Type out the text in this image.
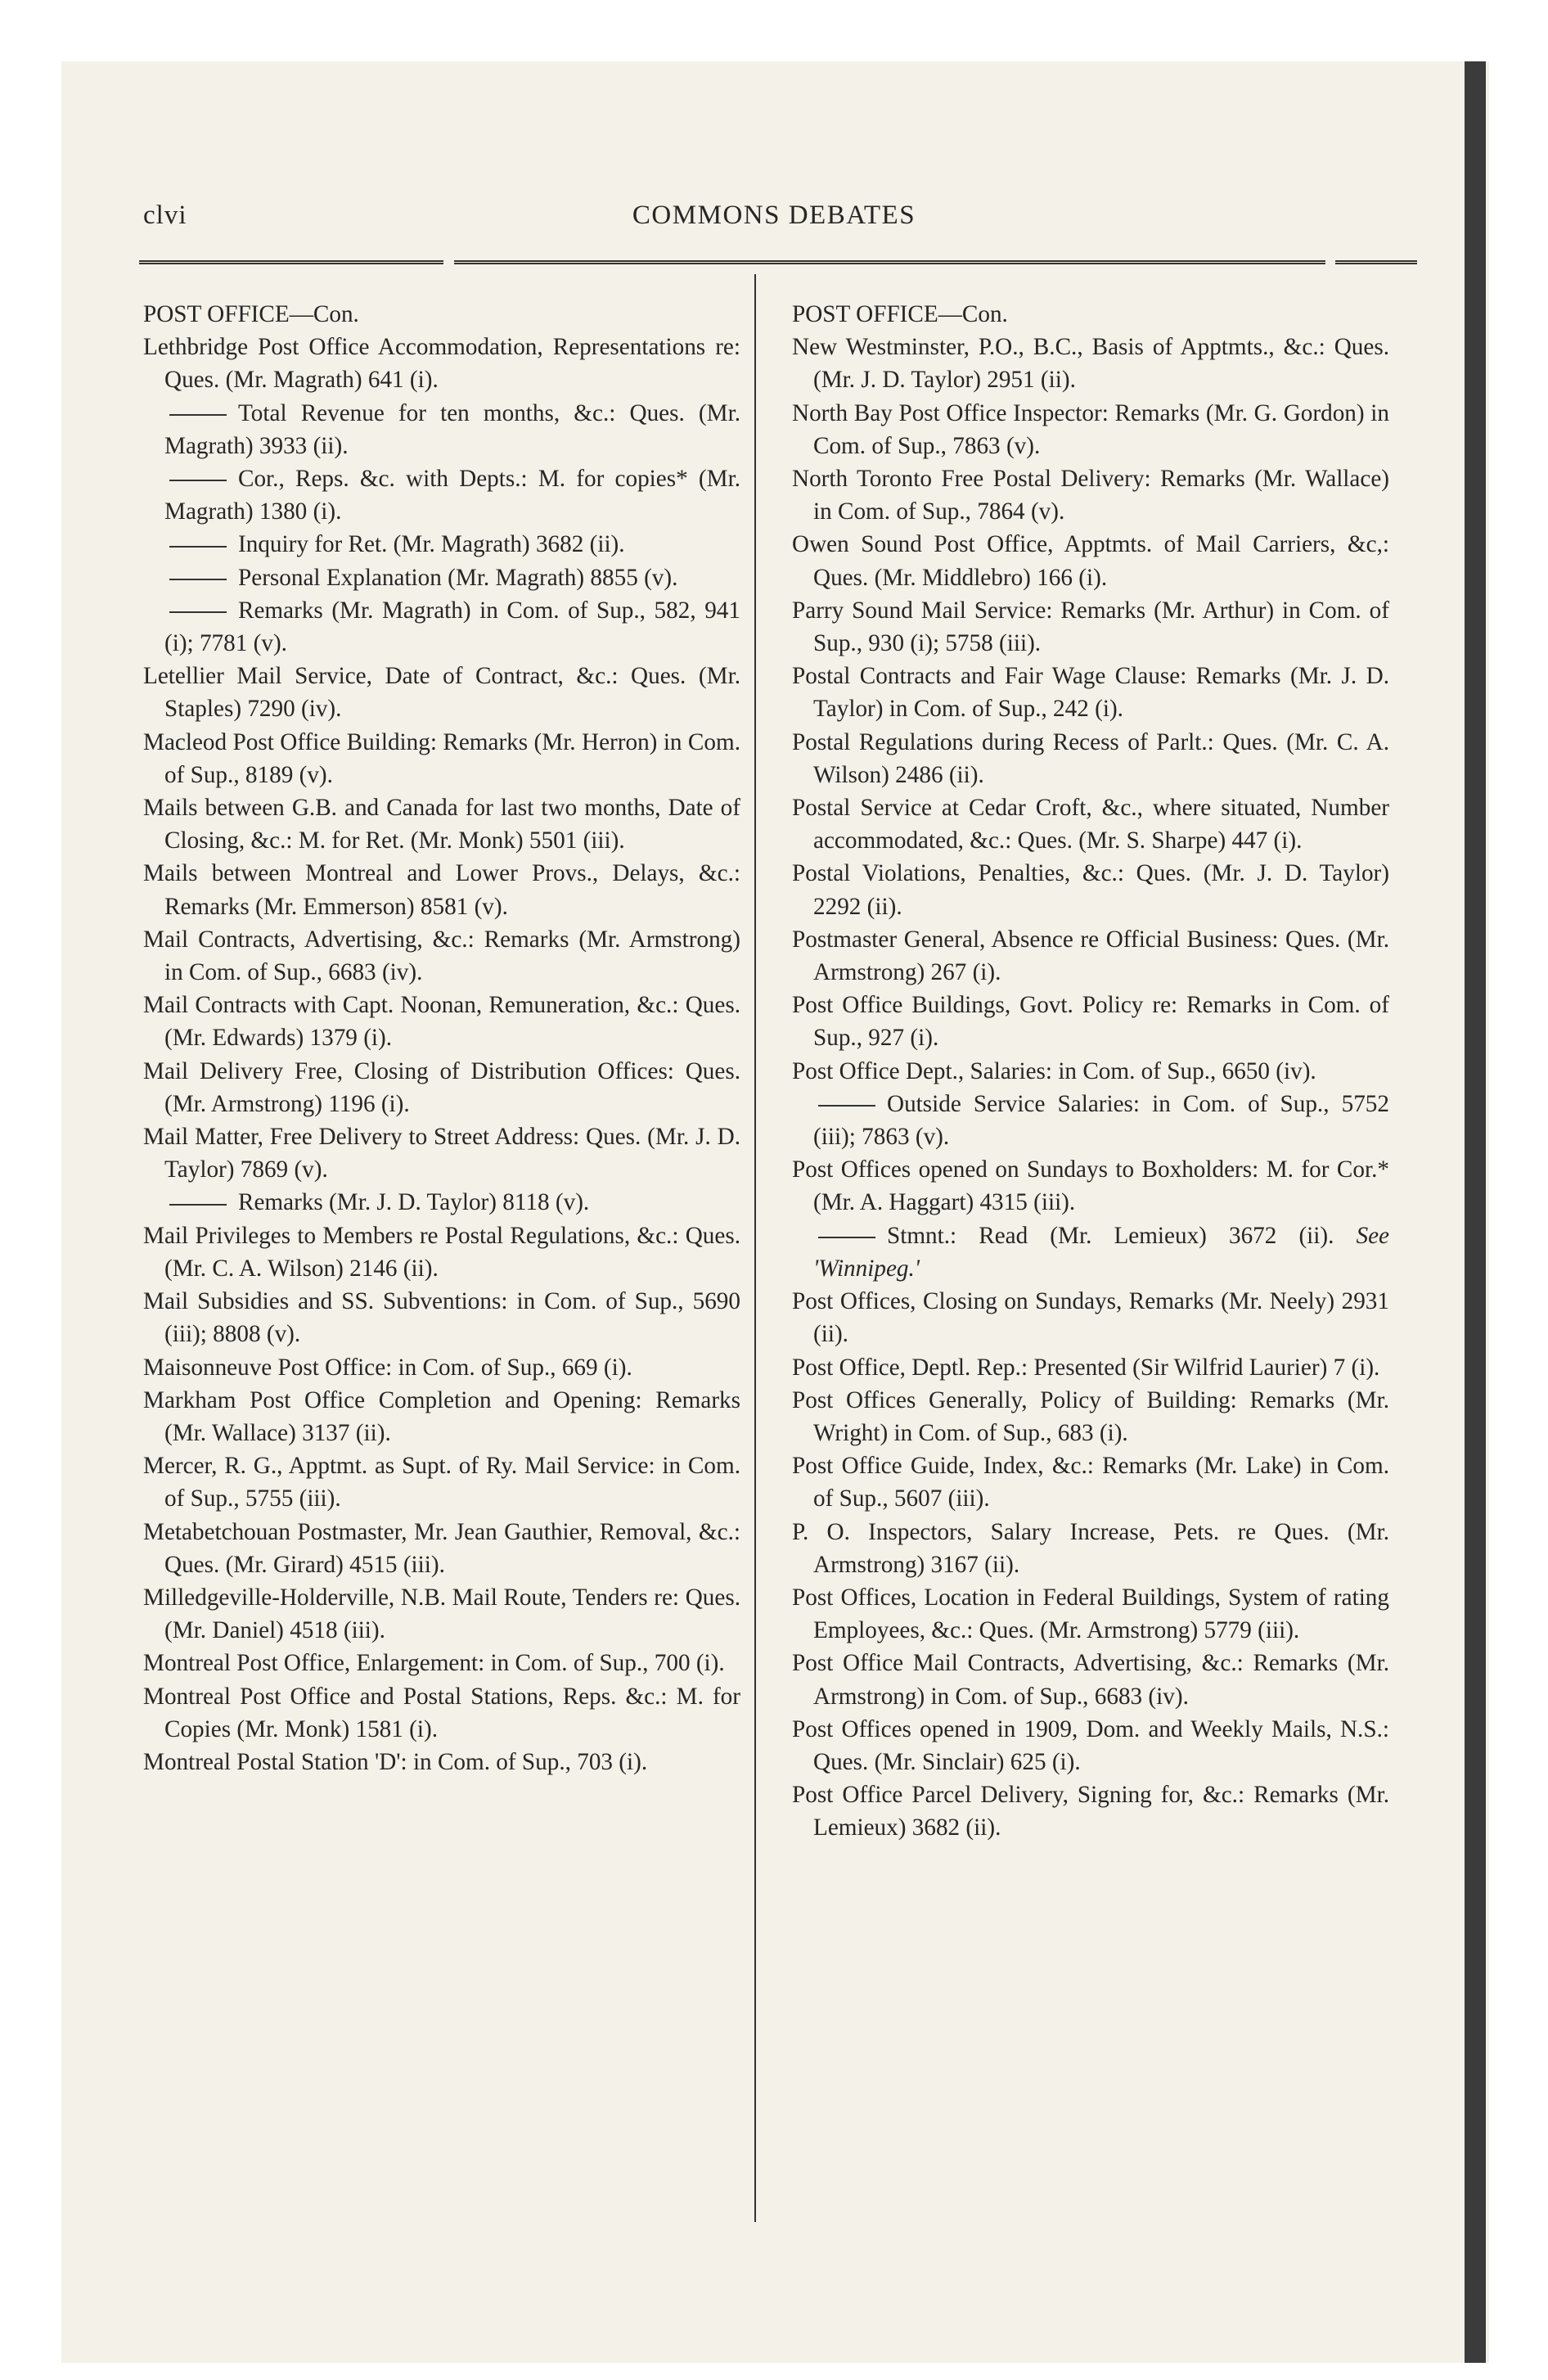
clvi	COMMONS DEBATES

POST OFFICE—Con.

Lethbridge Post Office Accommodation, Representations re: Ques. (Mr. Magrath) 641 (i).

Total Revenue for ten months, &c.: Ques. (Mr. Magrath) 3933 (ii).

Cor., Reps. &c. with Depts.: M. for copies* (Mr. Magrath) 1380 (i).

Inquiry for Ret. (Mr. Magrath) 3682 (ii).

Personal Explanation (Mr. Magrath) 8855 (v).

Remarks (Mr. Magrath) in Com. of Sup., 582, 941 (i); 7781 (v).

Letellier Mail Service, Date of Contract, &c.: Ques. (Mr. Staples) 7290 (iv).

Macleod Post Office Building: Remarks (Mr. Herron) in Com. of Sup., 8189 (v).

Mails between G.B. and Canada for last two months, Date of Closing, &c.: M. for Ret. (Mr. Monk) 5501 (iii).

Mails between Montreal and Lower Provs., Delays, &c.: Remarks (Mr. Emmerson) 8581 (v).

Mail Contracts, Advertising, &c.: Remarks (Mr. Armstrong) in Com. of Sup., 6683 (iv).

Mail Contracts with Capt. Noonan, Remuneration, &c.: Ques. (Mr. Edwards) 1379 (i).

Mail Delivery Free, Closing of Distribution Offices: Ques. (Mr. Armstrong) 1196 (i).

Mail Matter, Free Delivery to Street Address: Ques. (Mr. J. D. Taylor) 7869 (v).

Remarks (Mr. J. D. Taylor) 8118 (v).

Mail Privileges to Members re Postal Regulations, &c.: Ques. (Mr. C. A. Wilson) 2146 (ii).

Mail Subsidies and SS. Subventions: in Com. of Sup., 5690 (iii); 8808 (v).

Maisonneuve Post Office: in Com. of Sup., 669 (i).

Markham Post Office Completion and Opening: Remarks (Mr. Wallace) 3137 (ii).

Mercer, R. G., Apptmt. as Supt. of Ry. Mail Service: in Com. of Sup., 5755 (iii).

Metabetchouan Postmaster, Mr. Jean Gauthier, Removal, &c.: Ques. (Mr. Girard) 4515 (iii).

Milledgeville-Holderville, N.B. Mail Route, Tenders re: Ques. (Mr. Daniel) 4518 (iii).

Montreal Post Office, Enlargement: in Com. of Sup., 700 (i).

Montreal Post Office and Postal Stations, Reps. &c.: M. for Copies (Mr. Monk) 1581 (i).

Montreal Postal Station 'D': in Com. of Sup., 703 (i).

POST OFFICE—Con.

New Westminster, P.O., B.C., Basis of Apptmts., &c.: Ques. (Mr. J. D. Taylor) 2951 (ii).

North Bay Post Office Inspector: Remarks (Mr. G. Gordon) in Com. of Sup., 7863 (v).

North Toronto Free Postal Delivery: Remarks (Mr. Wallace) in Com. of Sup., 7864 (v).

Owen Sound Post Office, Apptmts. of Mail Carriers, &c,: Ques. (Mr. Middlebro) 166 (i).

Parry Sound Mail Service: Remarks (Mr. Arthur) in Com. of Sup., 930 (i); 5758 (iii).

Postal Contracts and Fair Wage Clause: Remarks (Mr. J. D. Taylor) in Com. of Sup., 242 (i).

Postal Regulations during Recess of Parlt.: Ques. (Mr. C. A. Wilson) 2486 (ii).

Postal Service at Cedar Croft, &c., where situated, Number accommodated, &c.: Ques. (Mr. S. Sharpe) 447 (i).

Postal Violations, Penalties, &c.: Ques. (Mr. J. D. Taylor) 2292 (ii).

Postmaster General, Absence re Official Business: Ques. (Mr. Armstrong) 267 (i).

Post Office Buildings, Govt. Policy re: Remarks in Com. of Sup., 927 (i).

Post Office Dept., Salaries: in Com. of Sup., 6650 (iv).

Outside Service Salaries: in Com. of Sup., 5752 (iii); 7863 (v).

Post Offices opened on Sundays to Boxholders: M. for Cor.* (Mr. A. Haggart) 4315 (iii).

Stmnt.: Read (Mr. Lemieux) 3672 (ii). See 'Winnipeg.'

Post Offices, Closing on Sundays, Remarks (Mr. Neely) 2931 (ii).

Post Office, Deptl. Rep.: Presented (Sir Wilfrid Laurier) 7 (i).

Post Offices Generally, Policy of Building: Remarks (Mr. Wright) in Com. of Sup., 683 (i).

Post Office Guide, Index, &c.: Remarks (Mr. Lake) in Com. of Sup., 5607 (iii).

P. O. Inspectors, Salary Increase, Pets. re Ques. (Mr. Armstrong) 3167 (ii).

Post Offices, Location in Federal Buildings, System of rating Employees, &c.: Ques. (Mr. Armstrong) 5779 (iii).

Post Office Mail Contracts, Advertising, &c.: Remarks (Mr. Armstrong) in Com. of Sup., 6683 (iv).

Post Offices opened in 1909, Dom. and Weekly Mails, N.S.: Ques. (Mr. Sinclair) 625 (i).

Post Office Parcel Delivery, Signing for, &c.: Remarks (Mr. Lemieux) 3682 (ii).
